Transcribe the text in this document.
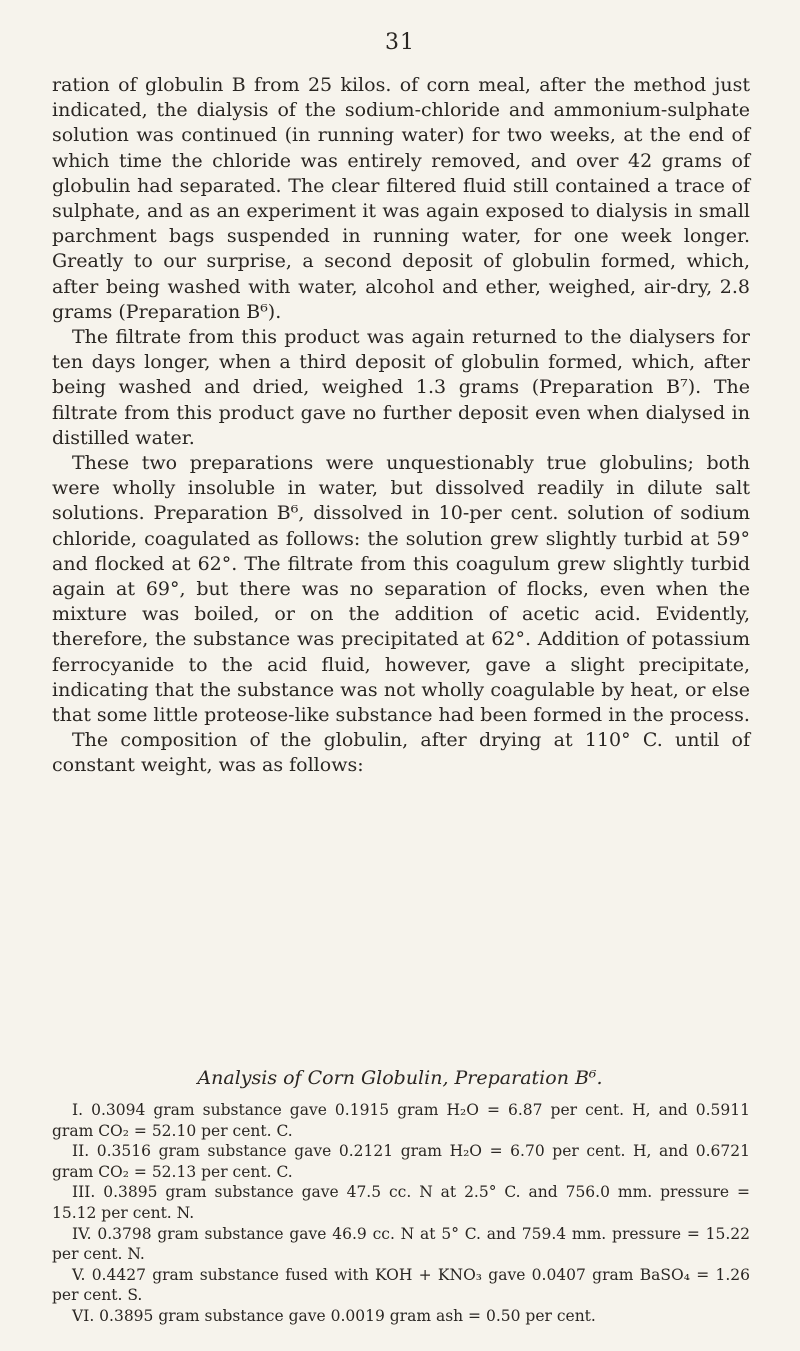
31

ration of globulin B from 25 kilos. of corn meal, after the method just indicated, the dialysis of the sodium-chloride and ammonium-sulphate solution was continued (in running water) for two weeks, at the end of which time the chloride was entirely removed, and over 42 grams of globulin had separated. The clear filtered fluid still contained a trace of sulphate, and as an experiment it was again exposed to dialysis in small parchment bags suspended in running water, for one week longer. Greatly to our surprise, a second deposit of globulin formed, which, after being washed with water, alcohol and ether, weighed, air-dry, 2.8 grams (Preparation B⁶).

The filtrate from this product was again returned to the dialysers for ten days longer, when a third deposit of globulin formed, which, after being washed and dried, weighed 1.3 grams (Preparation B⁷). The filtrate from this product gave no further deposit even when dialysed in distilled water.

These two preparations were unquestionably true globulins; both were wholly insoluble in water, but dissolved readily in dilute salt solutions. Preparation B⁶, dissolved in 10-per cent. solution of sodium chloride, coagulated as follows: the solution grew slightly turbid at 59° and flocked at 62°. The filtrate from this coagulum grew slightly turbid again at 69°, but there was no separation of flocks, even when the mixture was boiled, or on the addition of acetic acid. Evidently, therefore, the substance was precipitated at 62°. Addition of potassium ferrocyanide to the acid fluid, however, gave a slight precipitate, indicating that the substance was not wholly coagulable by heat, or else that some little proteose-like substance had been formed in the process.

The composition of the globulin, after drying at 110° C. until of constant weight, was as follows:

Analysis of Corn Globulin, Preparation B⁶.

I. 0.3094 gram substance gave 0.1915 gram H₂O = 6.87 per cent. H, and 0.5911 gram CO₂ = 52.10 per cent. C.

II. 0.3516 gram substance gave 0.2121 gram H₂O = 6.70 per cent. H, and 0.6721 gram CO₂ = 52.13 per cent. C.

III. 0.3895 gram substance gave 47.5 cc. N at 2.5° C. and 756.0 mm. pressure = 15.12 per cent. N.

IV. 0.3798 gram substance gave 46.9 cc. N at 5° C. and 759.4 mm. pressure = 15.22 per cent. N.

V. 0.4427 gram substance fused with KOH + KNO₃ gave 0.0407 gram BaSO₄ = 1.26 per cent. S.

VI. 0.3895 gram substance gave 0.0019 gram ash = 0.50 per cent.
